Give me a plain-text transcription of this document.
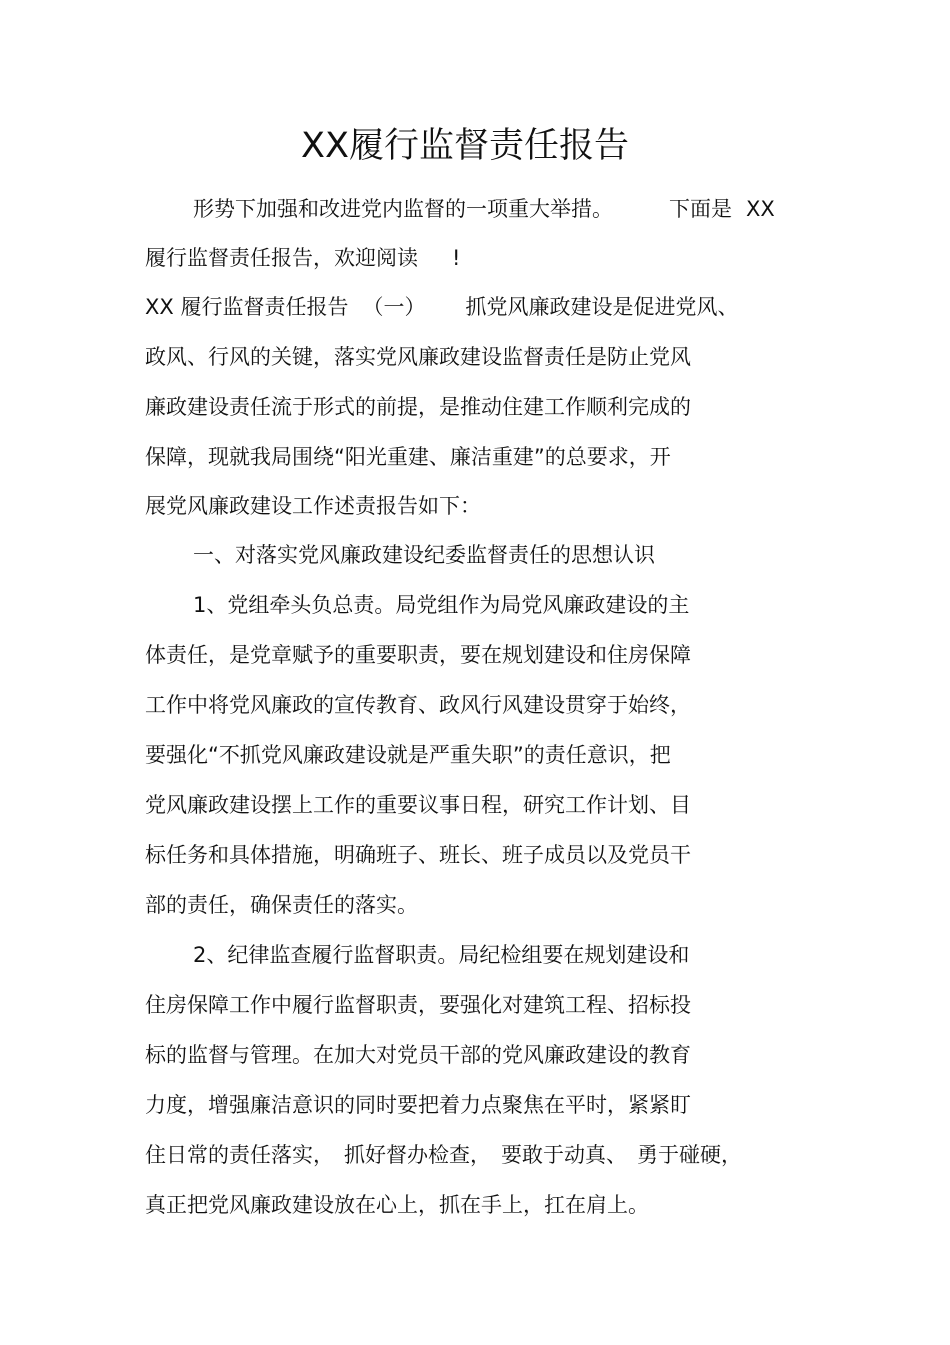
XX履行监督责任报告
形势下加强和改进党内监督的一项重大举措。	下面是 XX
履行监督责任报告，欢迎阅读 !
XX 履行监督责任报告 （一） 抓党风廉政建设是促进党风、
政风、行风的关键，落实党风廉政建设监督责任是防止党风
廉政建设责任流于形式的前提，是推动住建工作顺利完成的
保障，现就我局围绕“阳光重建、廉洁重建”的总要求，开
展党风廉政建设工作述责报告如下：
一、对落实党风廉政建设纪委监督责任的思想认识
1、党组牵头负总责。局党组作为局党风廉政建设的主
体责任，是党章赋予的重要职责，要在规划建设和住房保障
工作中将党风廉政的宣传教育、政风行风建设贯穿于始终，
要强化“不抓党风廉政建设就是严重失职”的责任意识，把
党风廉政建设摆上工作的重要议事日程，研究工作计划、目
标任务和具体措施，明确班子、班长、班子成员以及党员干
部的责任，确保责任的落实。
2、纪律监查履行监督职责。局纪检组要在规划建设和
住房保障工作中履行监督职责，要强化对建筑工程、招标投
标的监督与管理。在加大对党员干部的党风廉政建设的教育
力度，增强廉洁意识的同时要把着力点聚焦在平时，紧紧盯
住日常的责任落实， 抓好督办检查， 要敢于动真、 勇于碰硬，
真正把党风廉政建设放在心上，抓在手上，扛在肩上。
